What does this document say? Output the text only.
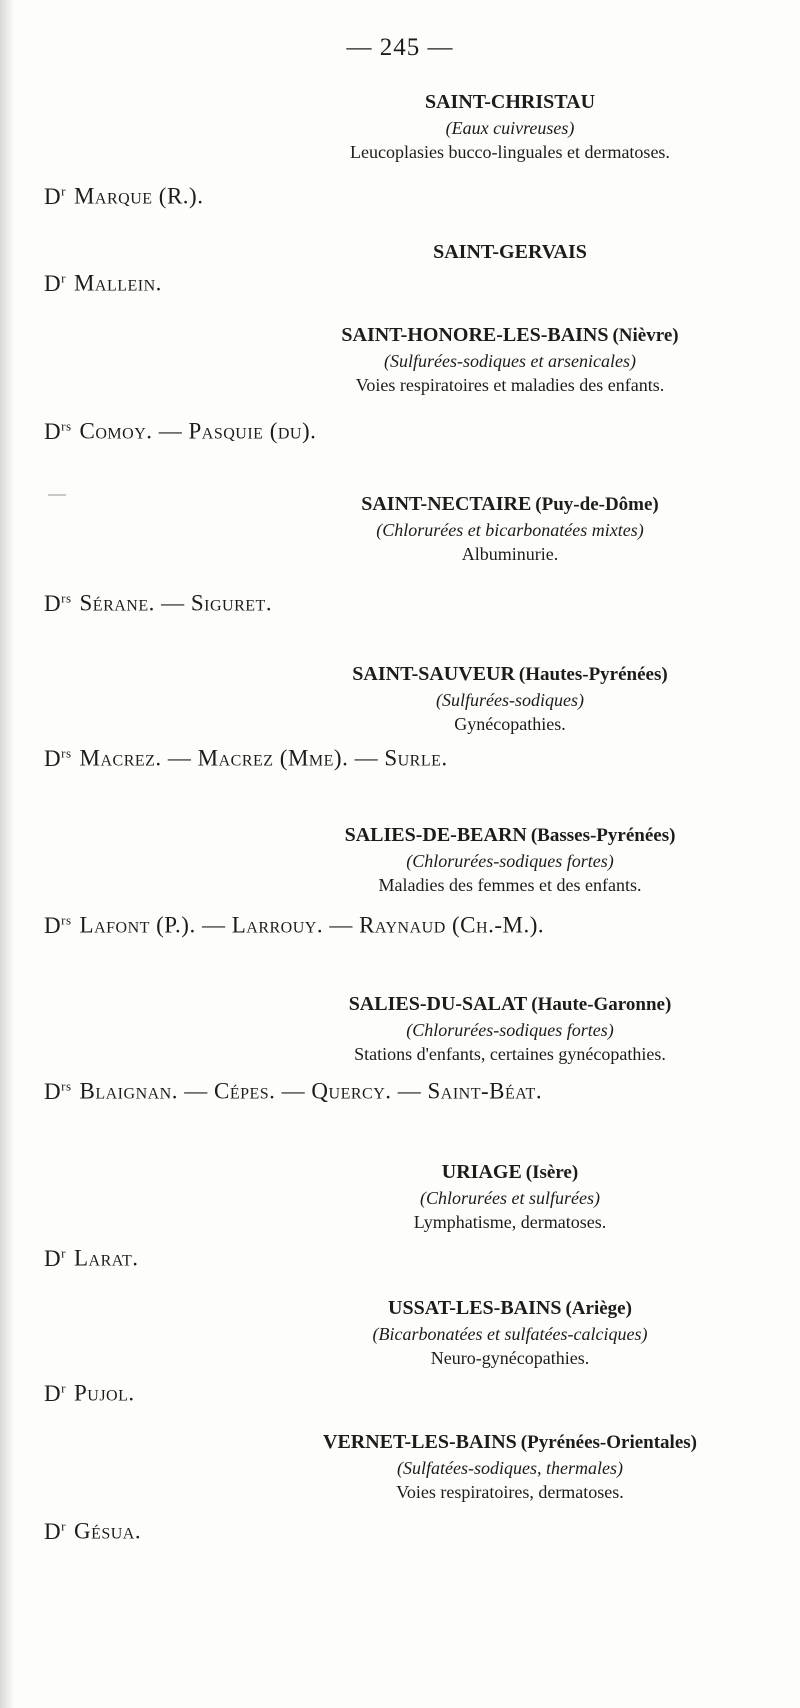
— 245 —
SAINT-CHRISTAU
(Eaux cuivreuses)
Leucoplasies bucco-linguales et dermatoses.
$D^r$ Marque (R.).
SAINT-GERVAIS
$D^r$ Mallein.
SAINT-HONORE-LES-BAINS (Nièvre)
(Sulfurées-sodiques et arsenicales)
Voies respiratoires et maladies des enfants.
$D^{rs}$ Comoy. — Pasquie (du).
SAINT-NECTAIRE (Puy-de-Dôme)
(Chlorurées et bicarbonatées mixtes)
Albuminurie.
$D^{rs}$ Sérane. — Siguret.
SAINT-SAUVEUR (Hautes-Pyrénées)
(Sulfurées-sodiques)
Gynécopathies.
$D^{rs}$ Macrez. — Macrez (Mme). — Surle.
SALIES-DE-BEARN (Basses-Pyrénées)
(Chlorurées-sodiques fortes)
Maladies des femmes et des enfants.
$D^{rs}$ Lafont (P.). — Larrouy. — Raynaud (Ch.-M.).
SALIES-DU-SALAT (Haute-Garonne)
(Chlorurées-sodiques fortes)
Stations d'enfants, certaines gynécopathies.
$D^{rs}$ Blaignan. — Cépes. — Quercy. — Saint-Béat.
URIAGE (Isère)
(Chlorurées et sulfurées)
Lymphatisme, dermatoses.
$D^r$ Larat.
USSAT-LES-BAINS (Ariège)
(Bicarbonatées et sulfatées-calciques)
Neuro-gynécopathies.
$D^r$ Pujol.
VERNET-LES-BAINS (Pyrénées-Orientales)
(Sulfatées-sodiques, thermales)
Voies respiratoires, dermatoses.
$D^r$ Gésua.
